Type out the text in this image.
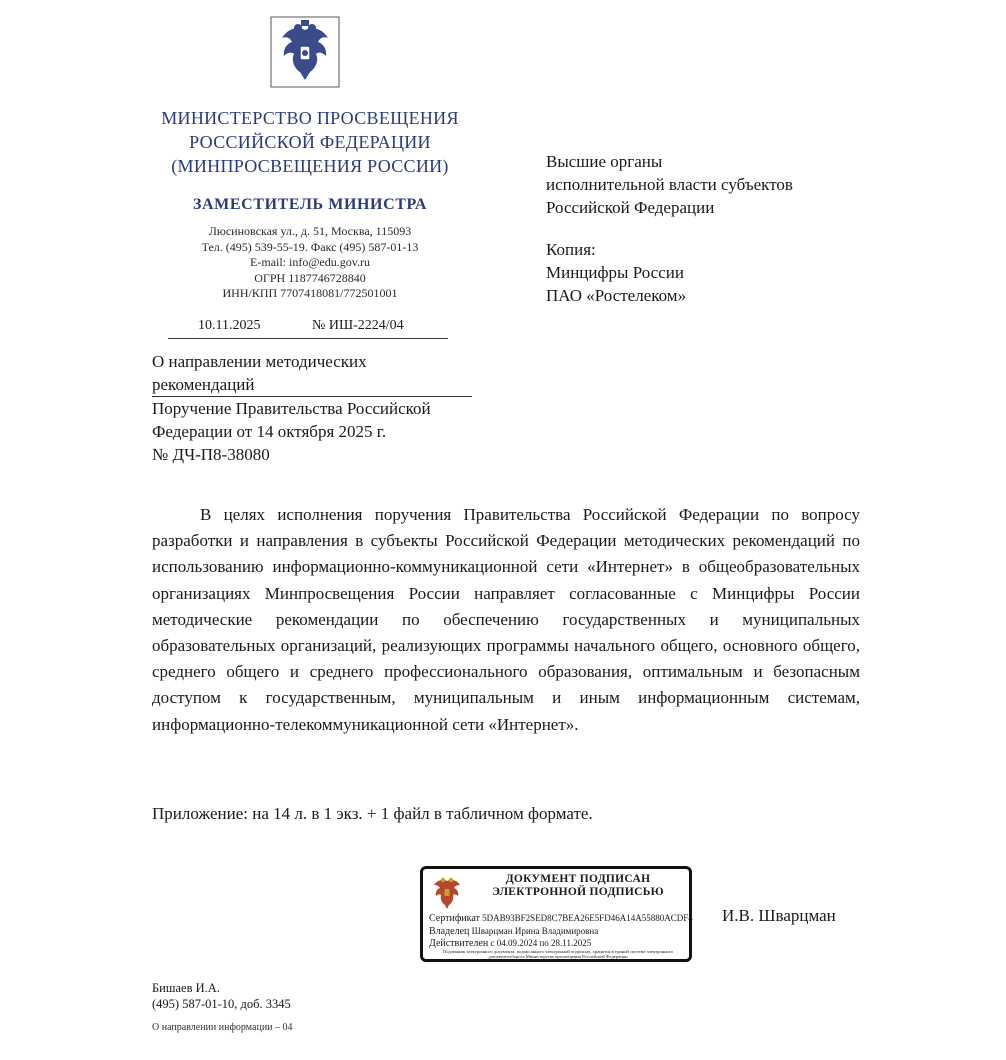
МИНИСТЕРСТВО ПРОСВЕЩЕНИЯ
РОССИЙСКОЙ ФЕДЕРАЦИИ
(МИНПРОСВЕЩЕНИЯ РОССИИ)
ЗАМЕСТИТЕЛЬ МИНИСТРА
Люсиновская ул., д. 51, Москва, 115093
Тел. (495) 539-55-19. Факс (495) 587-01-13
E-mail: info@edu.gov.ru
ОГРН 1187746728840
ИНН/КПП 7707418081/772501001
10.11.2025	№ ИШ-2224/04
Высшие органы
исполнительной власти субъектов
Российской Федерации
Копия:
Минцифры России
ПАО «Ростелеком»
О направлении методических
рекомендаций
Поручение Правительства Российской
Федерации от 14 октября 2025 г.
№ ДЧ-П8-38080
В целях исполнения поручения Правительства Российской Федерации по вопросу разработки и направления в субъекты Российской Федерации методических рекомендаций по использованию информационно-коммуникационной сети «Интернет» в общеобразовательных организациях Минпросвещения России направляет согласованные с Минцифры России методические рекомендации по обеспечению государственных и муниципальных образовательных организаций, реализующих программы начального общего, основного общего, среднего общего и среднего профессионального образования, оптимальным и безопасным доступом к государственным, муниципальным и иным информационным системам, информационно-телекоммуникационной сети «Интернет».
Приложение: на 14 л. в 1 экз. + 1 файл в табличном формате.
ДОКУМЕНТ ПОДПИСАН
ЭЛЕКТРОННОЙ ПОДПИСЬЮ
Сертификат 5DAB93BF2SED8C7BEA26E5FD46A14A55880ACDF4
Владелец Шварцман Ирина Владимировна
Действителен с 04.09.2024 по 28.11.2025
Подлинник электронного документа, подписанного электронной подписью, хранится в единой системе электронного документооборота Министерства просвещения Российской Федерации
И.В. Шварцман
Бишаев И.А.
(495) 587-01-10, доб. 3345
О направлении информации – 04
